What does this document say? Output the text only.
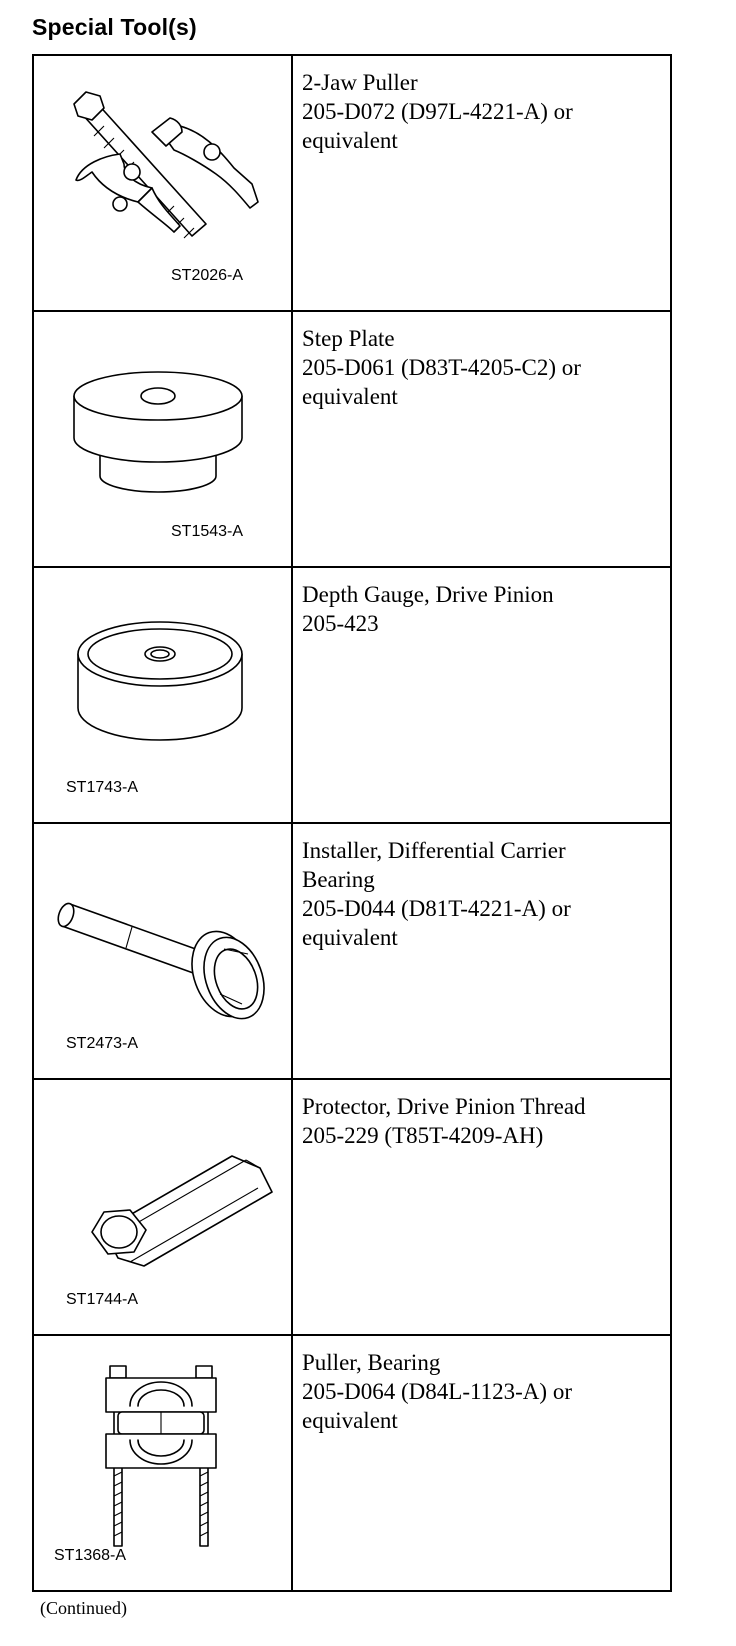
Special Tool(s)
ST2026-A	2-Jaw Puller
205-D072 (D97L-4221-A) or
equivalent

ST1543-A	Step Plate
205-D061 (D83T-4205-C2) or
equivalent

ST1743-A	Depth Gauge, Drive Pinion
205-423

ST2473-A	Installer, Differential Carrier
Bearing
205-D044 (D81T-4221-A) or
equivalent

ST1744-A	Protector, Drive Pinion Thread
205-229 (T85T-4209-AH)

ST1368-A	Puller, Bearing
205-D064 (D84L-1123-A) or
equivalent
(Continued)
